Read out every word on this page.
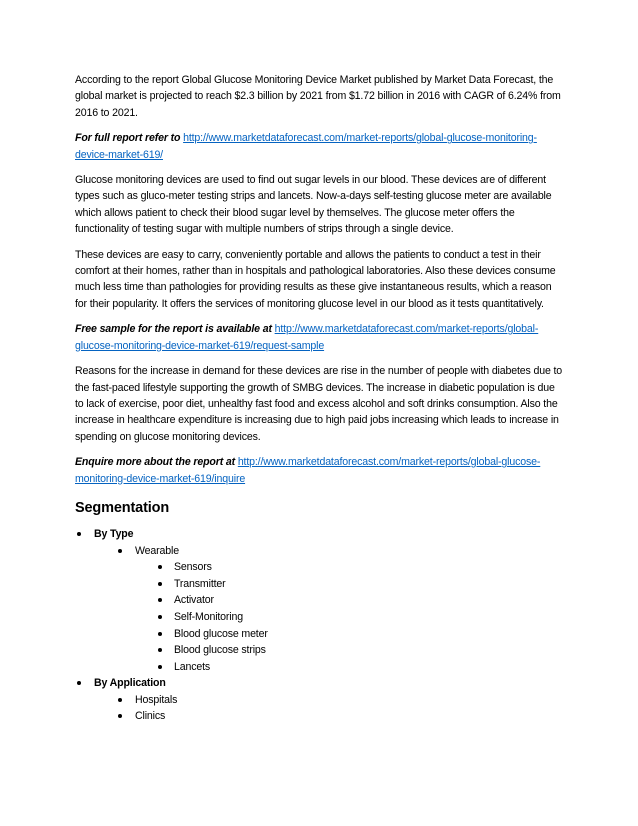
According to the report Global Glucose Monitoring Device Market published by Market Data Forecast, the global market is projected to reach $2.3 billion by 2021 from $1.72 billion in 2016 with CAGR of 6.24% from 2016 to 2021.

For full report refer to http://www.marketdataforecast.com/market-reports/global-glucose-monitoring-device-market-619/

Glucose monitoring devices are used to find out sugar levels in our blood. These devices are of different types such as gluco-meter testing strips and lancets. Now-a-days self-testing glucose meter are available which allows patient to check their blood sugar level by themselves. The glucose meter offers the functionality of testing sugar with multiple numbers of strips through a single device.

These devices are easy to carry, conveniently portable and allows the patients to conduct a test in their comfort at their homes, rather than in hospitals and pathological laboratories. Also these devices consume much less time than pathologies for providing results as these give instantaneous results, which a reason for their popularity. It offers the services of monitoring glucose level in our blood as it tests quantitatively.

Free sample for the report is available at http://www.marketdataforecast.com/market-reports/global-glucose-monitoring-device-market-619/request-sample

Reasons for the increase in demand for these devices are rise in the number of people with diabetes due to the fast-paced lifestyle supporting the growth of SMBG devices. The increase in diabetic population is due to lack of exercise, poor diet, unhealthy fast food and excess alcohol and soft drinks consumption. Also the increase in healthcare expenditure is increasing due to high paid jobs increasing which leads to increase in spending on glucose monitoring devices.

Enquire more about the report at http://www.marketdataforecast.com/market-reports/global-glucose-monitoring-device-market-619/inquire

Segmentation
By Type
Wearable
Sensors
Transmitter
Activator
Self-Monitoring
Blood glucose meter
Blood glucose strips
Lancets
By Application
Hospitals
Clinics
